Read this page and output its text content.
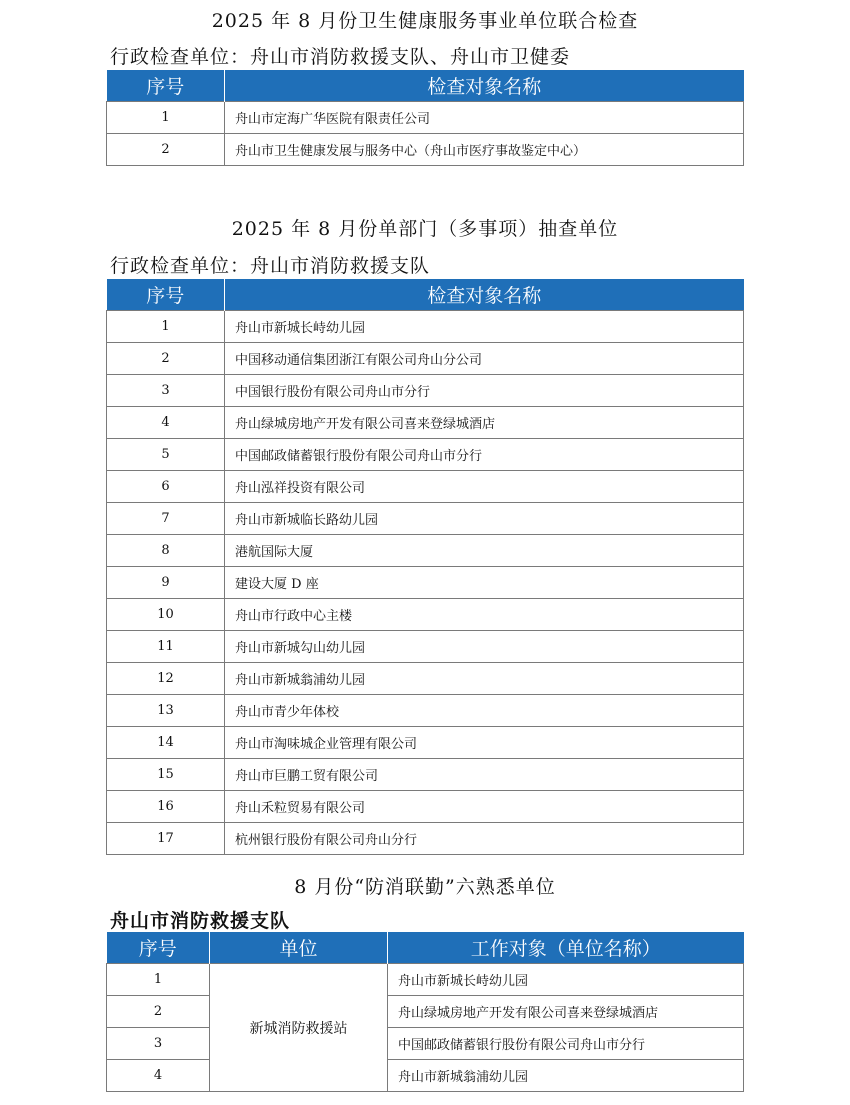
2025 年 8 月份卫生健康服务事业单位联合检查
行政检查单位：舟山市消防救援支队、舟山市卫健委
序号	检查对象名称
1	舟山市定海广华医院有限责任公司
2	舟山市卫生健康发展与服务中心（舟山市医疗事故鉴定中心）
2025 年 8 月份单部门（多事项）抽查单位
行政检查单位：舟山市消防救援支队
序号	检查对象名称
1	舟山市新城长峙幼儿园
2	中国移动通信集团浙江有限公司舟山分公司
3	中国银行股份有限公司舟山市分行
4	舟山绿城房地产开发有限公司喜来登绿城酒店
5	中国邮政储蓄银行股份有限公司舟山市分行
6	舟山泓祥投资有限公司
7	舟山市新城临长路幼儿园
8	港航国际大厦
9	建设大厦 D 座
10	舟山市行政中心主楼
11	舟山市新城勾山幼儿园
12	舟山市新城翁浦幼儿园
13	舟山市青少年体校
14	舟山市淘味城企业管理有限公司
15	舟山市巨鹏工贸有限公司
16	舟山禾粒贸易有限公司
17	杭州银行股份有限公司舟山分行
8 月份“防消联勤”六熟悉单位
舟山市消防救援支队
序号	单位	工作对象（单位名称）
1	新城消防救援站	舟山市新城长峙幼儿园
2		舟山绿城房地产开发有限公司喜来登绿城酒店
3		中国邮政储蓄银行股份有限公司舟山市分行
4		舟山市新城翁浦幼儿园
